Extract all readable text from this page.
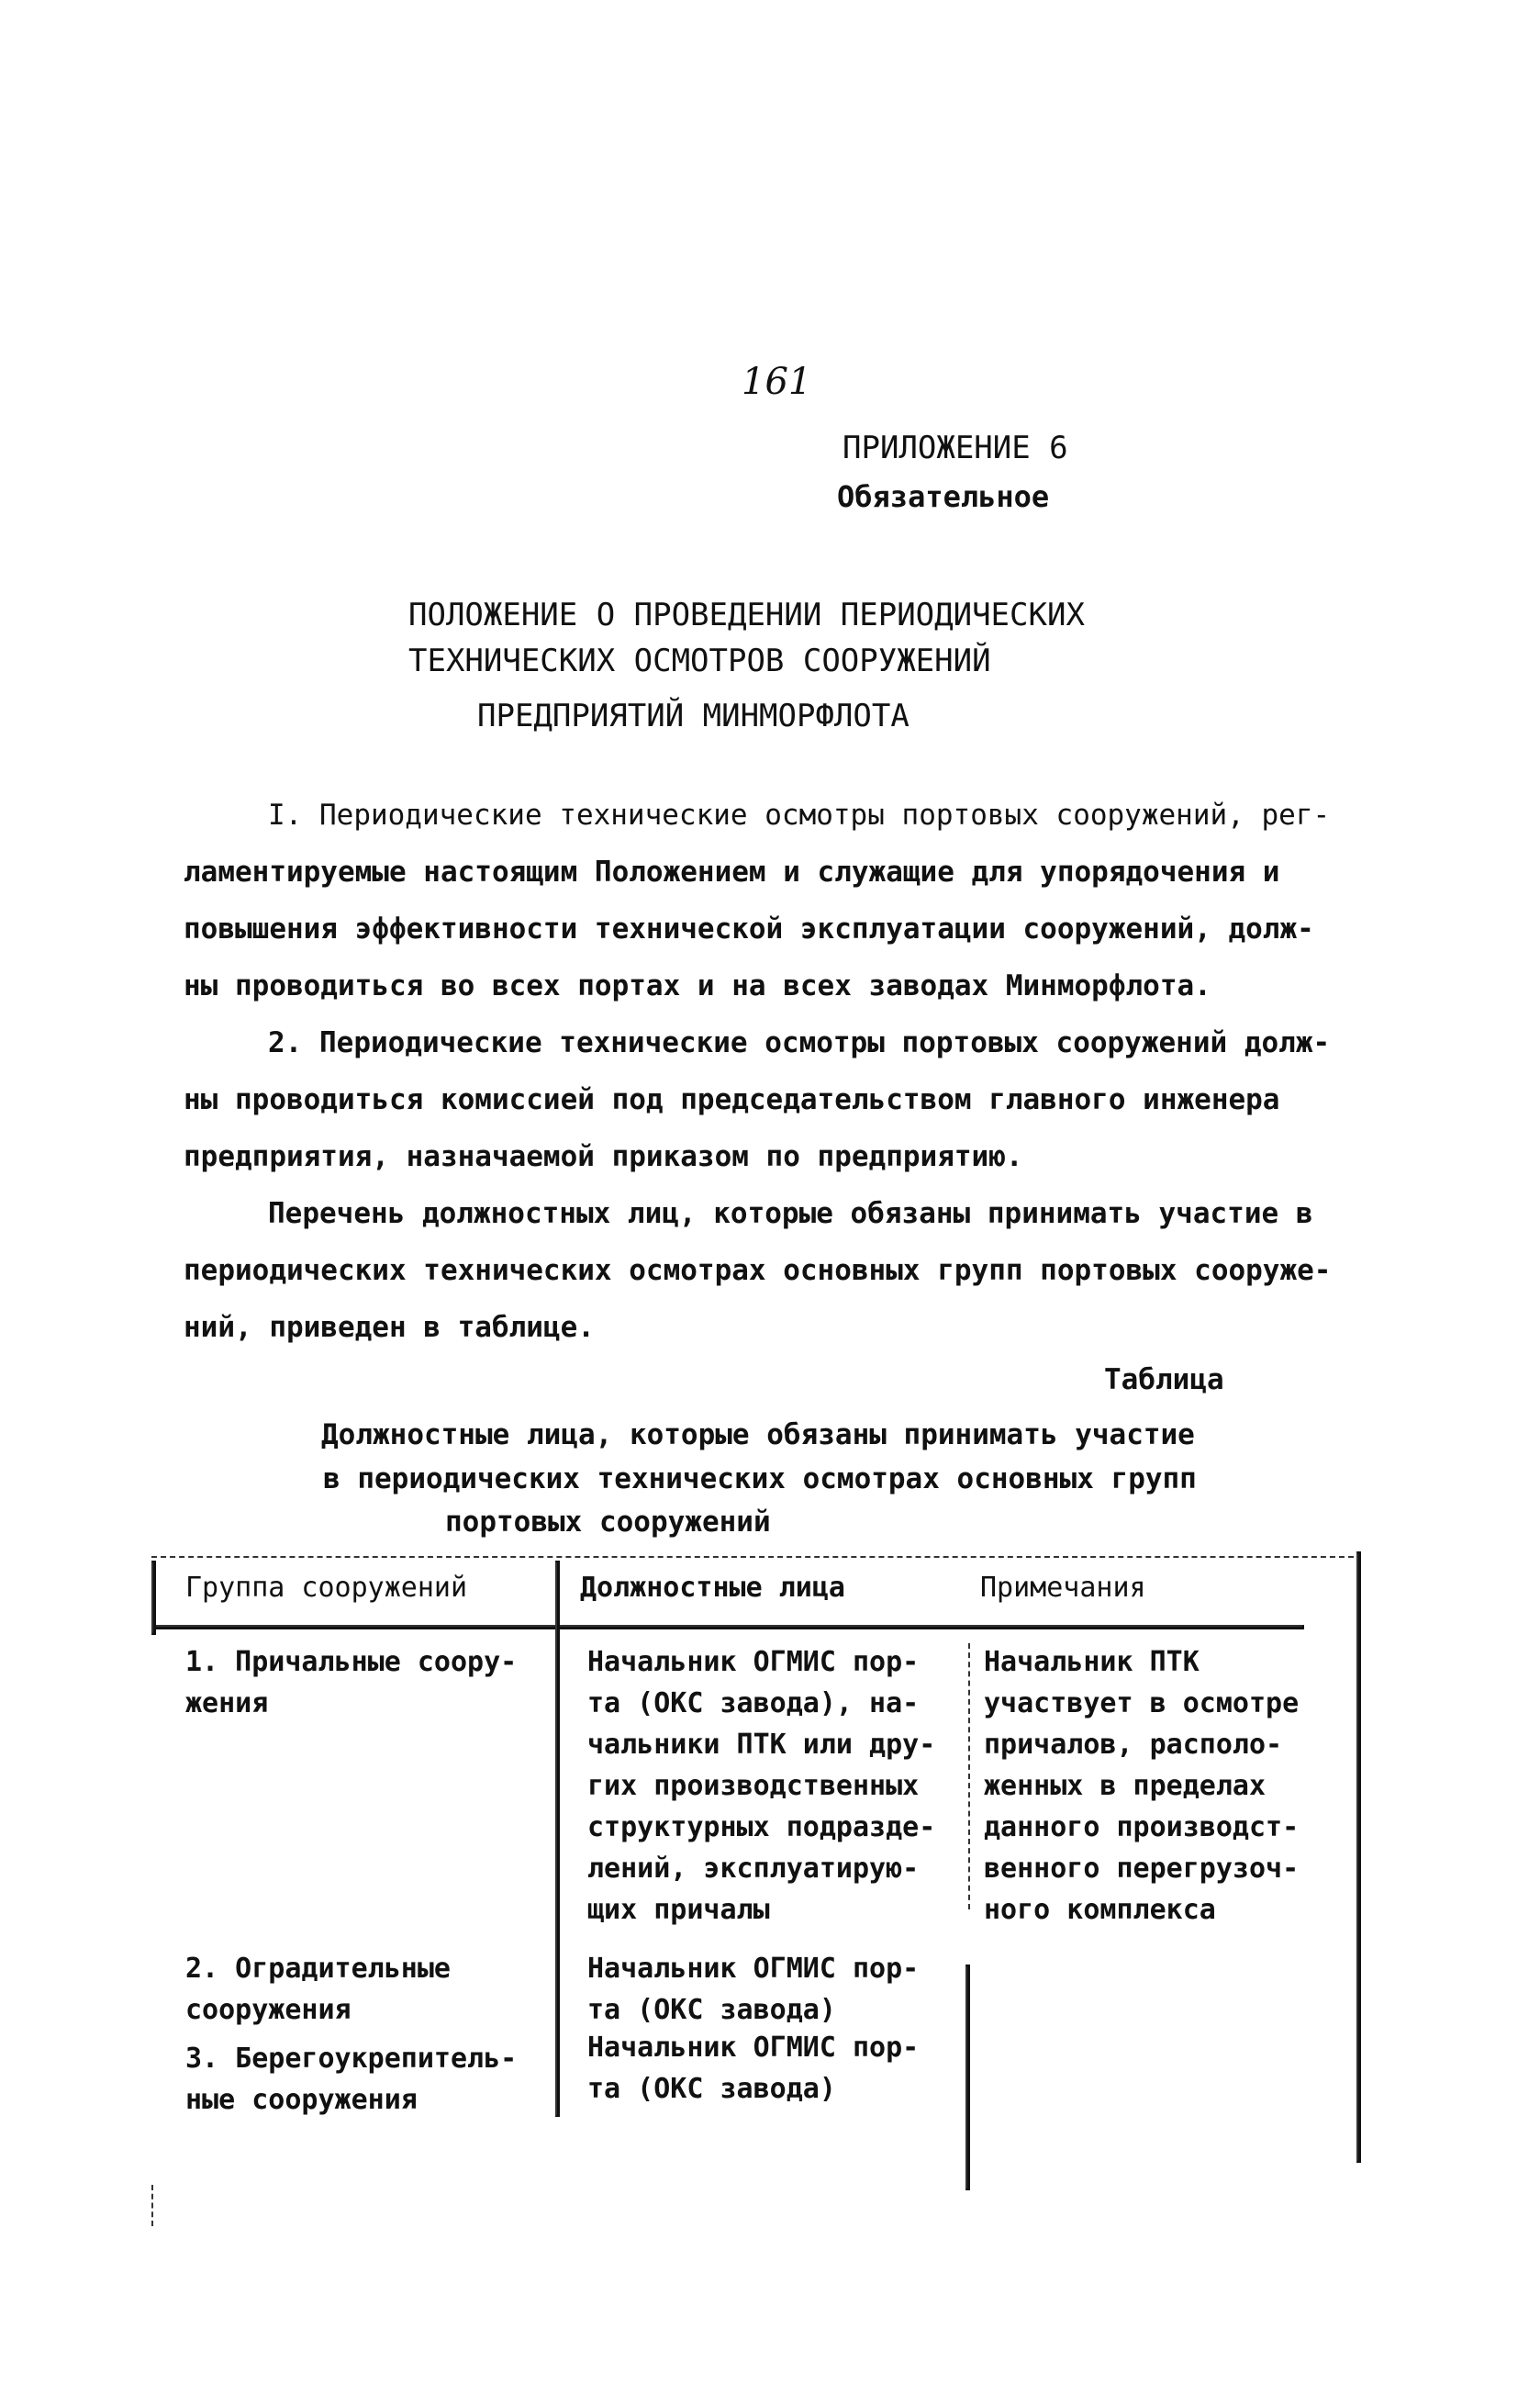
161
ПРИЛОЖЕНИЕ 6
Обязательное
ПОЛОЖЕНИЕ О ПРОВЕДЕНИИ ПЕРИОДИЧЕСКИХ
ТЕХНИЧЕСКИХ ОСМОТРОВ СООРУЖЕНИЙ
ПРЕДПРИЯТИЙ МИНМОРФЛОТА
I. Периодические технические осмотры портовых сооружений, рег-
ламентируемые настоящим Положением и служащие для упорядочения и
повышения эффективности технической эксплуатации сооружений, долж-
ны проводиться во всех портах и на всех заводах Минморфлота.
2. Периодические технические осмотры портовых сооружений долж-
ны проводиться комиссией под председательством главного инженера
предприятия, назначаемой приказом по предприятию.
Перечень должностных лиц, которые обязаны принимать участие в
периодических технических осмотрах основных групп портовых сооруже-
ний, приведен в таблице.
Таблица
Должностные лица, которые обязаны принимать участие
в периодических технических осмотрах основных групп
портовых сооружений
Группа сооружений	Должностные лица	Примечания
1. Причальные соору-
жения
Начальник ОГМИС пор-
та (ОКС завода), на-
чальники ПТК или дру-
гих производственных
структурных подразде-
лений, эксплуатирую-
щих причалы
Начальник ПТК
участвует в осмотре
причалов, располо-
женных в пределах
данного производст-
венного перегрузоч-
ного комплекса
2. Оградительные
сооружения
Начальник ОГМИС пор-
та (ОКС завода)
3. Берегоукрепитель-
ные сооружения
Начальник ОГМИС пор-
та (ОКС завода)
